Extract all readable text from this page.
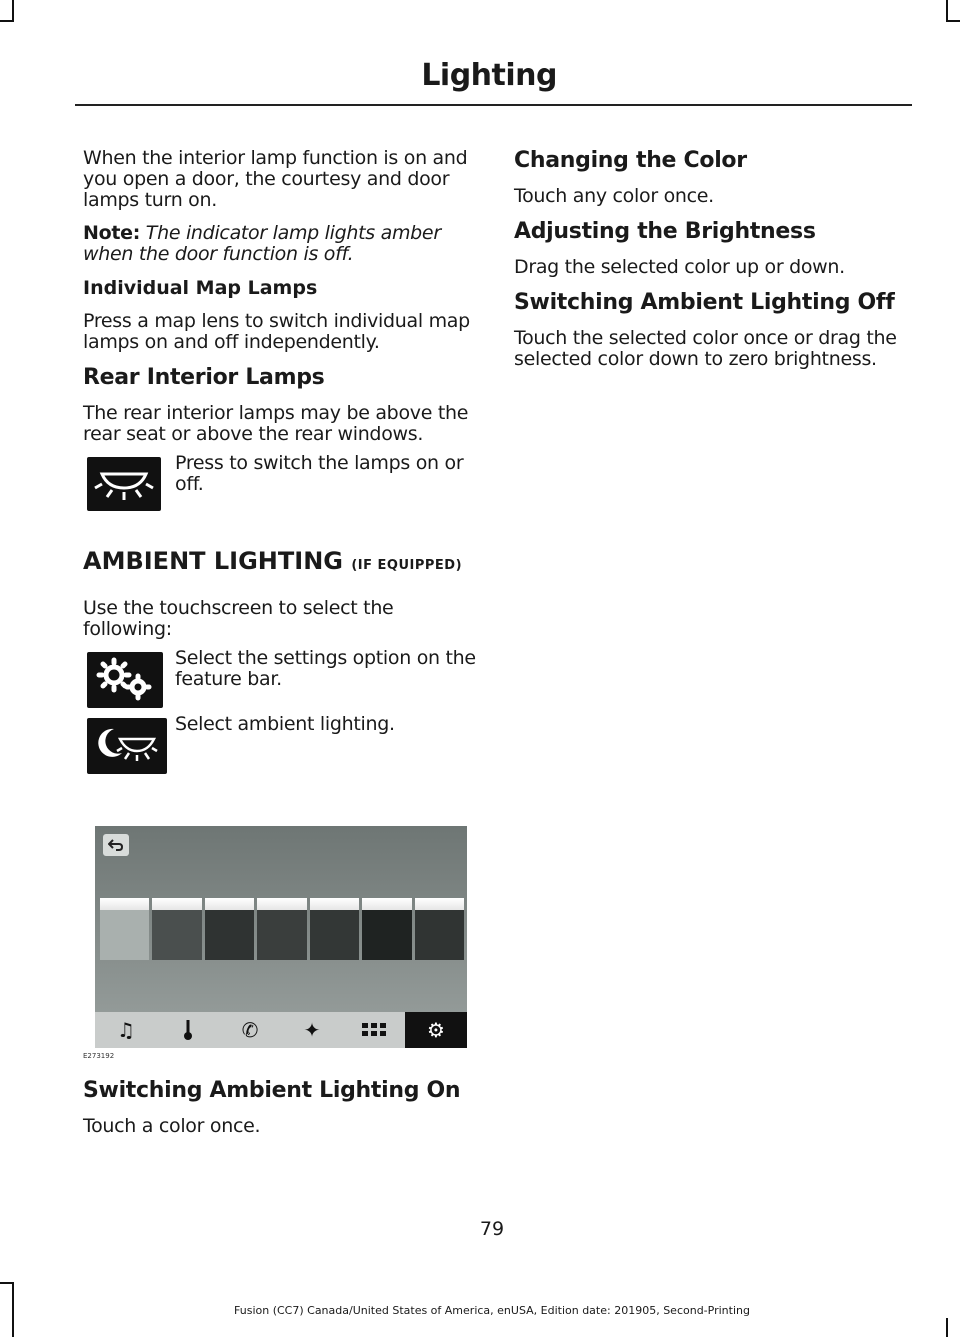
Lighting

When the interior lamp function is on and you open a door, the courtesy and door lamps turn on.

Note: The indicator lamp lights amber when the door function is off.

Individual Map Lamps

Press a map lens to switch individual map lamps on and off independently.

Rear Interior Lamps

The rear interior lamps may be above the rear seat or above the rear windows.

Press to switch the lamps on or off.

AMBIENT LIGHTING (IF EQUIPPED)

Use the touchscreen to select the following:

Select the settings option on the feature bar.

Select ambient lighting.

♫	✆ ✦	⚙
E273192
Switching Ambient Lighting On

Touch a color once.

Changing the Color

Touch any color once.

Adjusting the Brightness

Drag the selected color up or down.

Switching Ambient Lighting Off

Touch the selected color once or drag the selected color down to zero brightness.

79
Fusion (CC7) Canada/United States of America, enUSA, Edition date: 201905, Second-Printing
